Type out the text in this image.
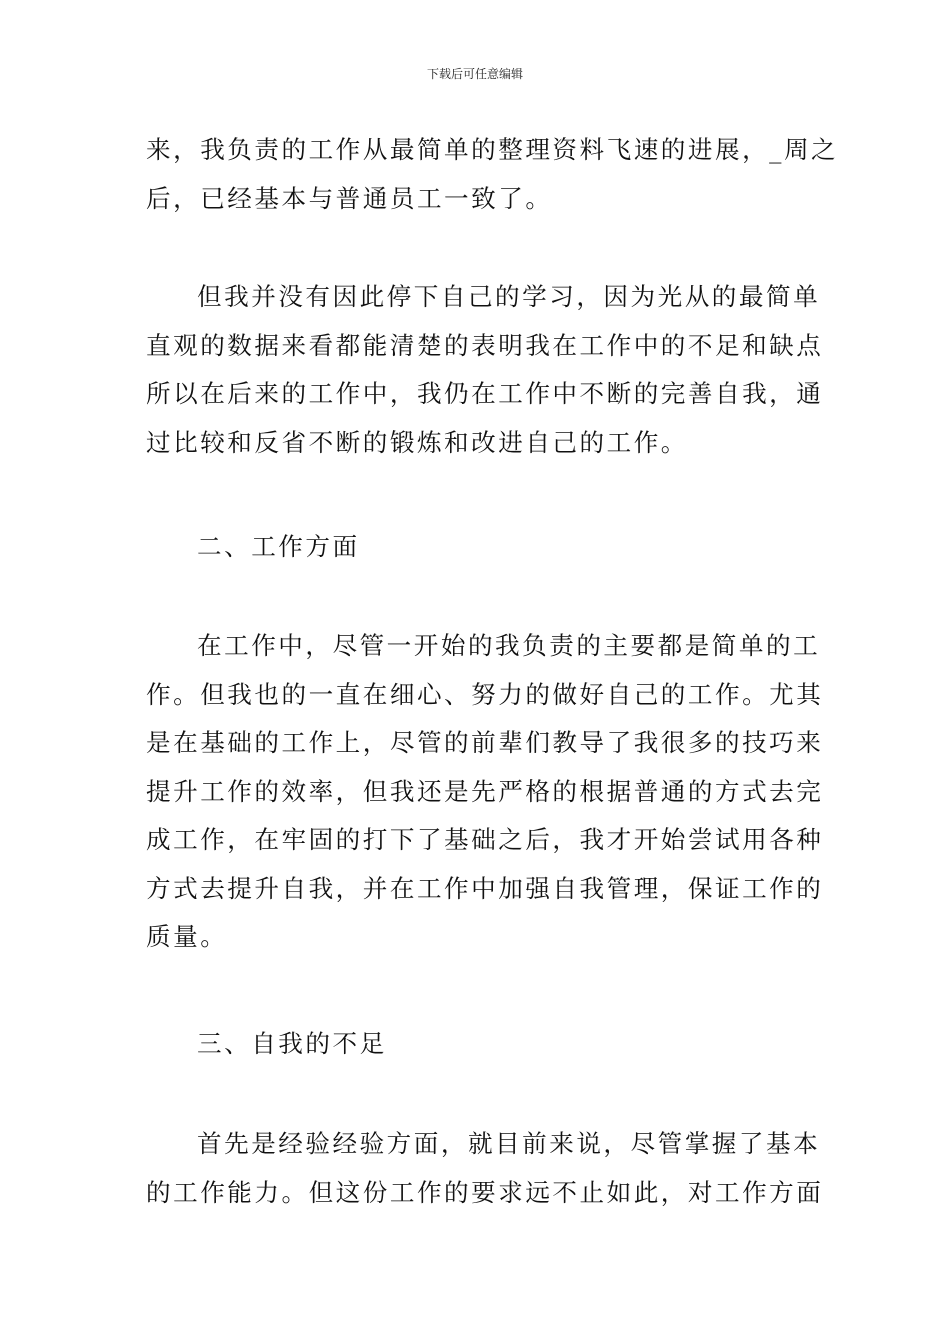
下载后可任意编辑
来，我负责的工作从最简单的整理资料飞速的进展，_周之
后，已经基本与普通员工一致了。
但我并没有因此停下自己的学习，因为光从的最简单
直观的数据来看都能清楚的表明我在工作中的不足和缺点
所以在后来的工作中，我仍在工作中不断的完善自我，通
过比较和反省不断的锻炼和改进自己的工作。
二、工作方面
在工作中，尽管一开始的我负责的主要都是简单的工
作。但我也的一直在细心、努力的做好自己的工作。尤其
是在基础的工作上，尽管的前辈们教导了我很多的技巧来
提升工作的效率，但我还是先严格的根据普通的方式去完
成工作，在牢固的打下了基础之后，我才开始尝试用各种
方式去提升自我，并在工作中加强自我管理，保证工作的
质量。
三、自我的不足
首先是经验经验方面，就目前来说，尽管掌握了基本
的工作能力。但这份工作的要求远不止如此，对工作方面
